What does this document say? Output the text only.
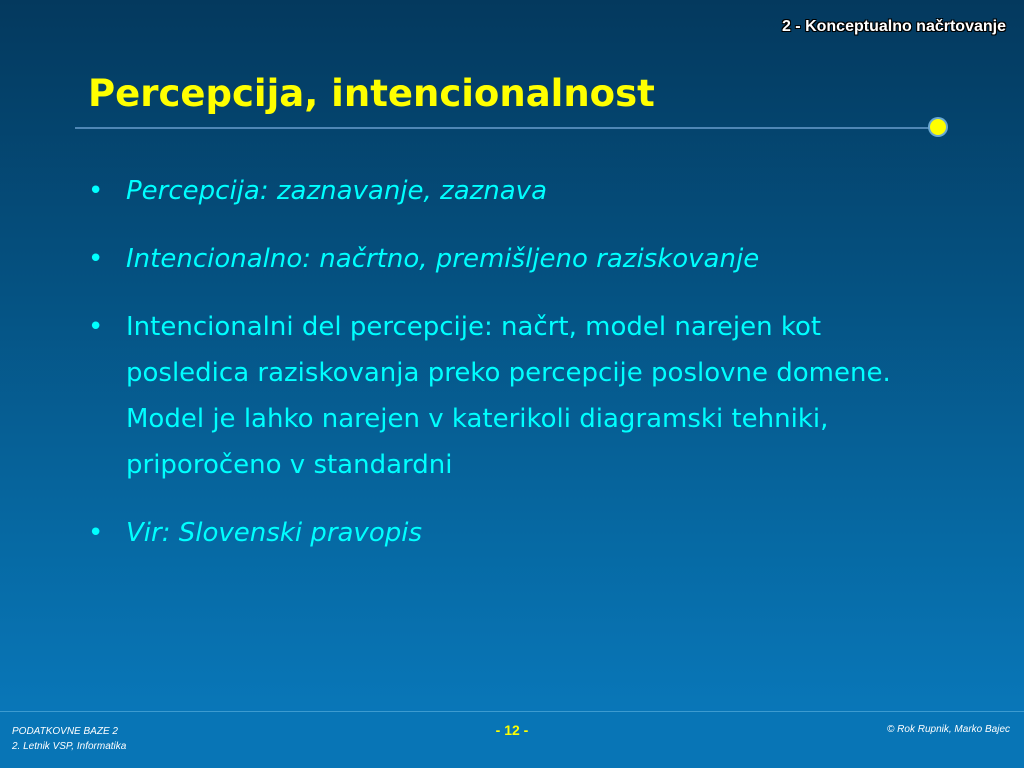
2 - Konceptualno načrtovanje
Percepcija, intencionalnost
• Percepcija: zaznavanje, zaznava
• Intencionalno: načrtno, premišljeno raziskovanje
• Intencionalni del percepcije: načrt, model narejen kot posledica raziskovanja preko percepcije poslovne domene. Model je lahko narejen v katerikoli diagramski tehniki, priporočeno v standardni
• Vir: Slovenski pravopis
PODATKOVNE BAZE 2
2. Letnik VSP, Informatika
- 12 -	© Rok Rupnik, Marko Bajec
